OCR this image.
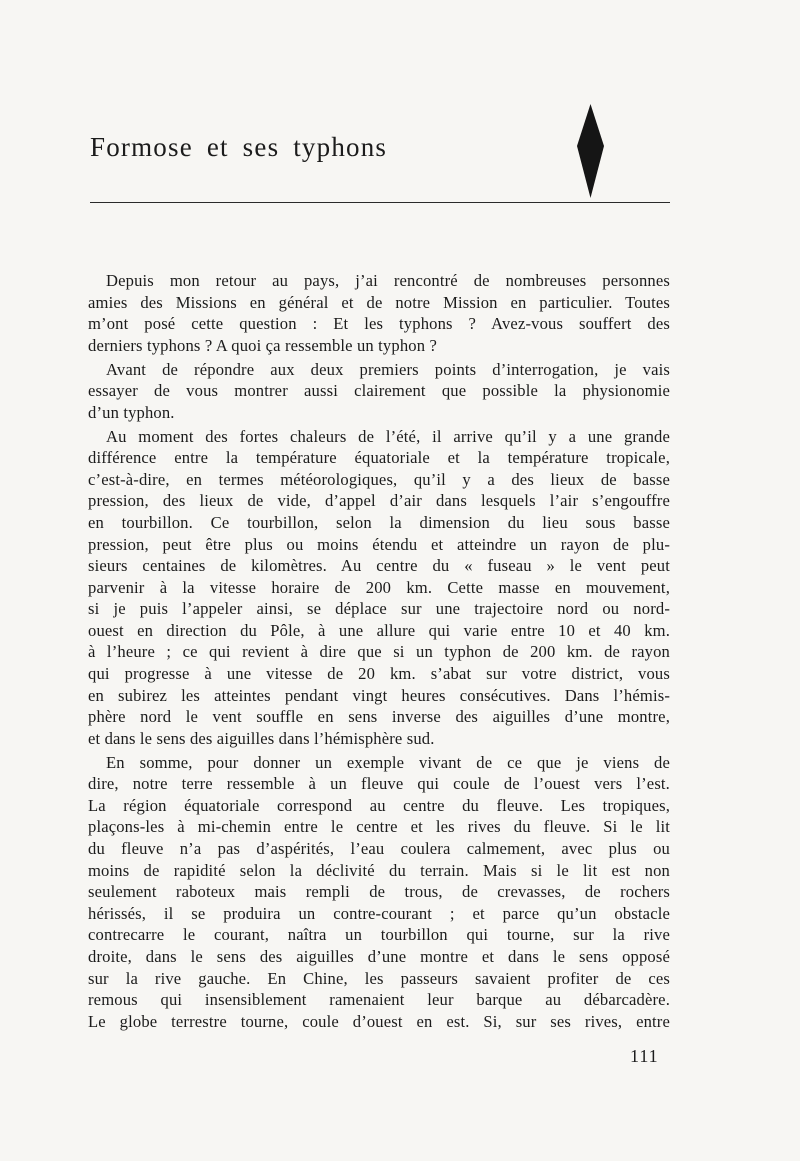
Formose et ses typhons
Depuis mon retour au pays, j’ai rencontré de nombreuses personnes
amies des Missions en général et de notre Mission en particulier. Toutes
m’ont posé cette question : Et les typhons ? Avez-vous souffert des
derniers typhons ? A quoi ça ressemble un typhon ?
Avant de répondre aux deux premiers points d’interrogation, je vais
essayer de vous montrer aussi clairement que possible la physionomie
d’un typhon.
Au moment des fortes chaleurs de l’été, il arrive qu’il y a une grande
différence entre la température équatoriale et la température tropicale,
c’est-à-dire, en termes météorologiques, qu’il y a des lieux de basse
pression, des lieux de vide, d’appel d’air dans lesquels l’air s’engouffre
en tourbillon. Ce tourbillon, selon la dimension du lieu sous basse
pression, peut être plus ou moins étendu et atteindre un rayon de plu-
sieurs centaines de kilomètres. Au centre du « fuseau » le vent peut
parvenir à la vitesse horaire de 200 km. Cette masse en mouvement,
si je puis l’appeler ainsi, se déplace sur une trajectoire nord ou nord-
ouest en direction du Pôle, à une allure qui varie entre 10 et 40 km.
à l’heure ; ce qui revient à dire que si un typhon de 200 km. de rayon
qui progresse à une vitesse de 20 km. s’abat sur votre district, vous
en subirez les atteintes pendant vingt heures consécutives. Dans l’hémis-
phère nord le vent souffle en sens inverse des aiguilles d’une montre,
et dans le sens des aiguilles dans l’hémisphère sud.
En somme, pour donner un exemple vivant de ce que je viens de
dire, notre terre ressemble à un fleuve qui coule de l’ouest vers l’est.
La région équatoriale correspond au centre du fleuve. Les tropiques,
plaçons-les à mi-chemin entre le centre et les rives du fleuve. Si le lit
du fleuve n’a pas d’aspérités, l’eau coulera calmement, avec plus ou
moins de rapidité selon la déclivité du terrain. Mais si le lit est non
seulement raboteux mais rempli de trous, de crevasses, de rochers
hérissés, il se produira un contre-courant ; et parce qu’un obstacle
contrecarre le courant, naîtra un tourbillon qui tourne, sur la rive
droite, dans le sens des aiguilles d’une montre et dans le sens opposé
sur la rive gauche. En Chine, les passeurs savaient profiter de ces
remous qui insensiblement ramenaient leur barque au débarcadère.
Le globe terrestre tourne, coule d’ouest en est. Si, sur ses rives, entre
111
